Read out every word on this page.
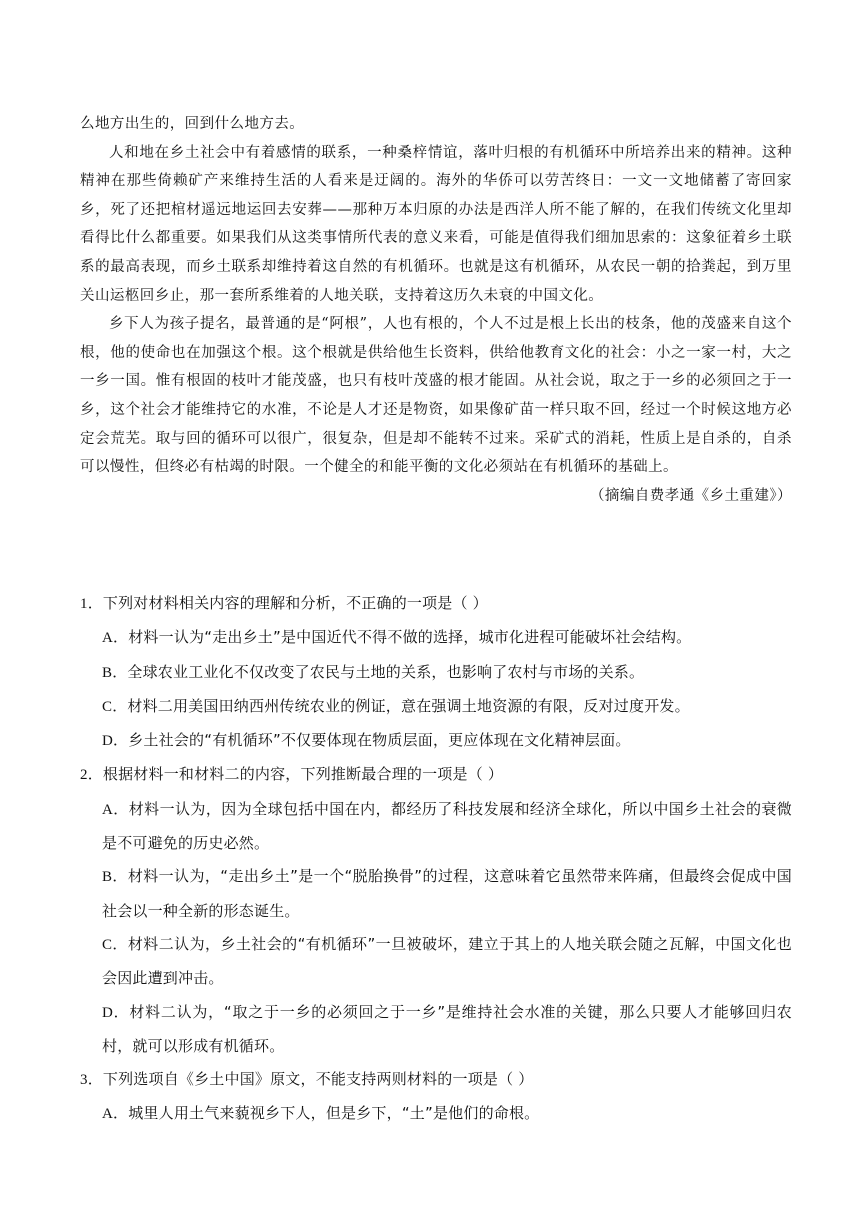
么地方出生的，回到什么地方去。

人和地在乡土社会中有着感情的联系，一种桑梓情谊，落叶归根的有机循环中所培养出来的精神。这种精神在那些倚赖矿产来维持生活的人看来是迂阔的。海外的华侨可以劳苦终日：一文一文地储蓄了寄回家乡，死了还把棺材遥远地运回去安葬——那种万本归原的办法是西洋人所不能了解的，在我们传统文化里却看得比什么都重要。如果我们从这类事情所代表的意义来看，可能是值得我们细加思索的：这象征着乡土联系的最高表现，而乡土联系却维持着这自然的有机循环。也就是这有机循环，从农民一朝的拾粪起，到万里关山运柩回乡止，那一套所系维着的人地关联，支持着这历久未衰的中国文化。

乡下人为孩子提名，最普通的是“阿根”，人也有根的，个人不过是根上长出的枝条，他的茂盛来自这个根，他的使命也在加强这个根。这个根就是供给他生长资料，供给他教育文化的社会：小之一家一村，大之一乡一国。惟有根固的枝叶才能茂盛，也只有枝叶茂盛的根才能固。从社会说，取之于一乡的必须回之于一乡，这个社会才能维持它的水准，不论是人才还是物资，如果像矿苗一样只取不回，经过一个时候这地方必定会荒芜。取与回的循环可以很广，很复杂，但是却不能转不过来。采矿式的消耗，性质上是自杀的，自杀可以慢性，但终必有枯竭的时限。一个健全的和能平衡的文化必须站在有机循环的基础上。

（摘编自费孝通《乡土重建》）

1．下列对材料相关内容的理解和分析，不正确的一项是（ ）

A．材料一认为“走出乡土”是中国近代不得不做的选择，城市化进程可能破坏社会结构。

B．全球农业工业化不仅改变了农民与土地的关系，也影响了农村与市场的关系。

C．材料二用美国田纳西州传统农业的例证，意在强调土地资源的有限，反对过度开发。

D．乡土社会的“有机循环”不仅要体现在物质层面，更应体现在文化精神层面。

2．根据材料一和材料二的内容，下列推断最合理的一项是（ ）

A．材料一认为，因为全球包括中国在内，都经历了科技发展和经济全球化，所以中国乡土社会的衰微是不可避免的历史必然。

B．材料一认为，“走出乡土”是一个“脱胎换骨”的过程，这意味着它虽然带来阵痛，但最终会促成中国社会以一种全新的形态诞生。

C．材料二认为，乡土社会的“有机循环”一旦被破坏，建立于其上的人地关联会随之瓦解，中国文化也会因此遭到冲击。

D．材料二认为，“取之于一乡的必须回之于一乡”是维持社会水准的关键，那么只要人才能够回归农村，就可以形成有机循环。

3．下列选项自《乡土中国》原文，不能支持两则材料的一项是（ ）

A．城里人用土气来藐视乡下人，但是乡下，“土”是他们的命根。
